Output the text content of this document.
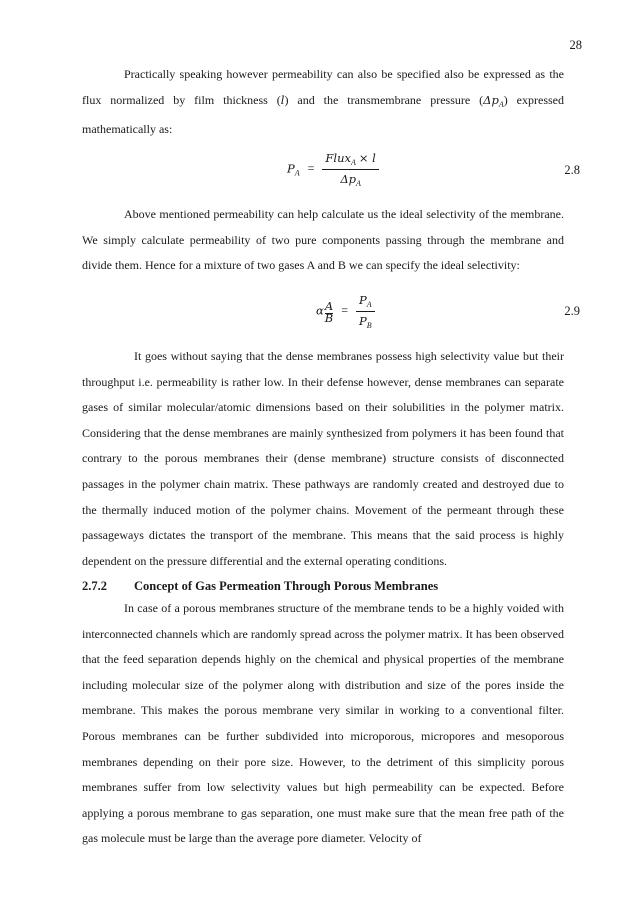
28
Practically speaking however permeability can also be specified also be expressed as the flux normalized by film thickness (l) and the transmembrane pressure $(\Delta p_A)$ expressed mathematically as:
$P_A = \frac{Flux_A \times l}{\Delta p_A}$	2.8
Above mentioned permeability can help calculate us the ideal selectivity of the membrane. We simply calculate permeability of two pure components passing through the membrane and divide them. Hence for a mixture of two gases A and B we can specify the ideal selectivity:
$\alpha\frac{A}{B} = \frac{P_A}{P_B}$	2.9
It goes without saying that the dense membranes possess high selectivity value but their throughput i.e. permeability is rather low. In their defense however, dense membranes can separate gases of similar molecular/atomic dimensions based on their solubilities in the polymer matrix. Considering that the dense membranes are mainly synthesized from polymers it has been found that contrary to the porous membranes their (dense membrane) structure consists of disconnected passages in the polymer chain matrix. These pathways are randomly created and destroyed due to the thermally induced motion of the polymer chains. Movement of the permeant through these passageways dictates the transport of the membrane. This means that the said process is highly dependent on the pressure differential and the external operating conditions.
2.7.2 Concept of Gas Permeation Through Porous Membranes
In case of a porous membranes structure of the membrane tends to be a highly voided with interconnected channels which are randomly spread across the polymer matrix. It has been observed that the feed separation depends highly on the chemical and physical properties of the membrane including molecular size of the polymer along with distribution and size of the pores inside the membrane. This makes the porous membrane very similar in working to a conventional filter. Porous membranes can be further subdivided into microporous, micropores and mesoporous membranes depending on their pore size. However, to the detriment of this simplicity porous membranes suffer from low selectivity values but high permeability can be expected. Before applying a porous membrane to gas separation, one must make sure that the mean free path of the gas molecule must be large than the average pore diameter. Velocity of
